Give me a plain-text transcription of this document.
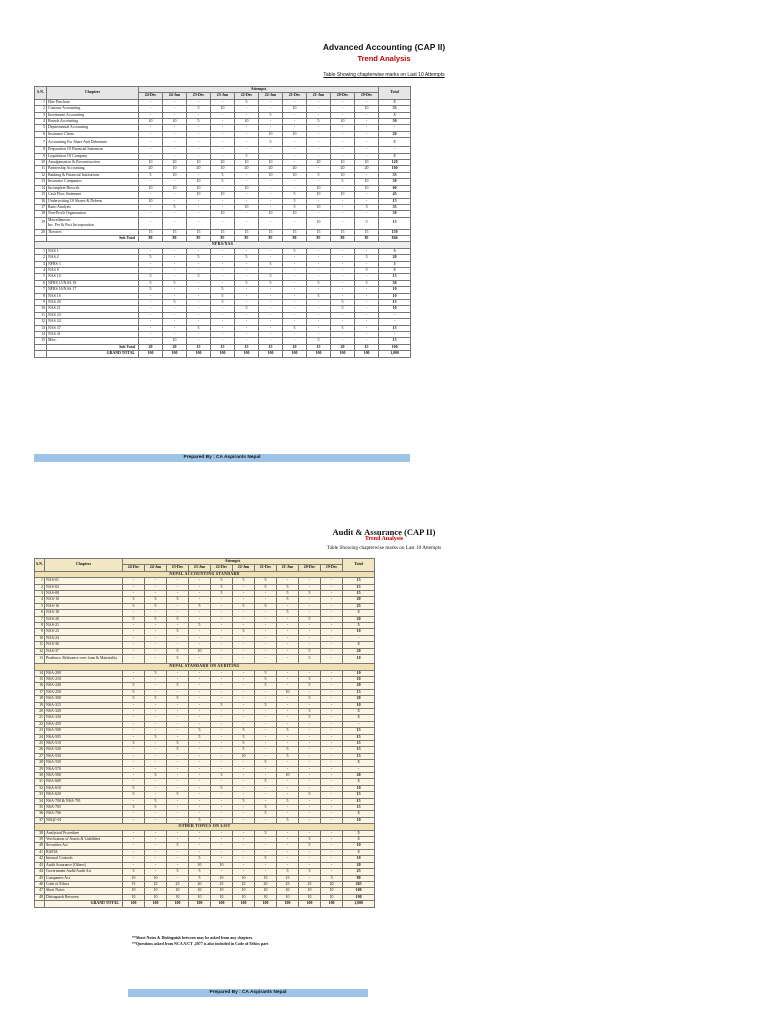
Advanced Accounting (CAP II)
Trend Analysis
Table Showing chapterwise marks on Last 10 Attempts
S.N.	Chapters	Attempts										Total
		24-Dec	24-Jun	23-Dec	23-Jun	22-Dec	22-Jun	21-Dec	21-Jun	20-Dec	19-Dec	
1	Hire Purchase	-	-	-	-	5	-	-	-	-	-	5
2	Contract Accounting	-	-	5	10	-	-	10	-	-	10	35
3	Investment Accounting	-	-	-	-	-	5	-	-	-	-	5
4	Branch Accounting	10	10	5	-	10	-	-	5	10	-	50
5	Departmental Accounting	-	-	-	-	-	-	-	-	-	-	-
6	Insurance Claim	-	-	-	-	-	10	10	-	-	-	20
7	Accounting For Share And Debenture	-	-	-	-	-	5	-	-	-	-	5
8	Preparation Of Financial Statement	-	-	-	-	-	-	-	-	-	-	-
9	Liquidation Of Company	-	-	-	-	5	-	-	-	-	-	5
10	Amalgamation & Reconstruction	10	20	10	20	10	10	-	20	10	10	120
11	Partnership Accounting	20	10	20	10	20	20	20	-	20	20	160
12	Banking & Financial Institutions	5	10	-	5	-	10	10	5	10	-	55
13	Insurance Companies	-	-	10	5	-	-	-	-	5	10	30
14	Incomplete Records	10	10	10	-	10	-	-	10	-	10	60
15	Cash Flow Statement	-	-	10	10	-	-	5	10	10	-	45
16	Underwriting Of Shares & Debens	10	-	-	-	-	-	5	-	-	-	15
17	Ratio Analysis	-	5	-	-	10	-	5	10	-	5	35
18	Non-Profit Organization	-	-	-	10	-	10	10	-	-	-	30
19	Miscellaneous
Inc. Pre & Post Incorporation	-	-	-	-	-	-	-	10	-	5	15
20	Theories	15	15	15	15	15	15	15	15	15	15	150
	Sub Total	80	80	85	85	85	85	90	85	80	85	840
NFRS/NAS												
1	NAS 1	-	-	-	-	-	-	5	-	-	-	5
2	NAS 2	5	-	5	-	5	-	-	-	-	5	20
3	NFRS 3	-	-	-	-	-	5	-	-	-	-	5
4	NAS 8	-	-	-	-	-	-	-	-	-	5	5
5	NAS 10	5	-	5	-	-	5	-	-	-	-	15
6	NFRS 15/NAS 18	5	5	-	-	5	5	-	5	-	5	30
7	NFRS 16/NAS 17	5	-	-	5	-	-	-	-	-	-	10
8	NAS 16	-	-	-	5	-	-	-	5	-	-	10
9	NAS 20	-	5	-	5	-	-	-	-	5	-	15
10	NAS 21	-	-	-	-	5	-	-	-	5	-	10
11	NAS 23	-	-	-	-	-	-	-	-	-	-	-
12	NAS 24	-	-	-	-	-	-	-	-	-	-	-
13	NAS 37	-	-	5	-	-	-	5	-	5	-	15
14	NAS 41	-	-	-	-	-	-	-	-	-	-	-
15	Misc.	-	10	-	-	-	-	-	5	-	-	15
	Sub Total	20	20	15	15	15	15	10	15	20	15	160
	GRAND TOTAL	100	100	100	100	100	100	100	100	100	100	1,000
Prepared By : CA Aspirants Nepal
Audit & Assurance (CAP II)
Trend Analysis
Table Showing chapterwise marks on Last 10 Attempts
S.N.	Chapters	Attempts										Total
		24-Dec	24-Jun	23-Dec	23-Jun	22-Dec	22-Jun	21-Dec	21-Jun	20-Dec	19-Dec	
NEPAL ACCOUNTING STANDARD												
1	NAS-01	-	-	-	-	5	5	5	-	-	-	15
2	NAS-02	-	-	-	-	5	-	5	5	-	-	15
3	NAS-08	-	-	-	-	5	-	-	5	5	-	15
4	NAS-10	5	5	5	-	-	-	-	5	-	-	20
5	NAS-16	5	5	-	5	-	5	5	-	-	-	25
6	NAS-18	-	-	-	-	-	-	-	5	-	-	5
7	NAS-20	5	5	5	-	-	-	-	-	5	-	20
8	NAS-21	-	-	-	5	-	-	-	-	-	-	5
9	NAS-23	-	-	5	-	-	5	-	-	-	-	10
10	NAS-24	-	-	-	-	-	-	-	-	-	-	-
11	NAS-36	-	-	-	-	-	-	-	-	-	-	5
12	NAS-37	-	-	5	10	-	-	-	-	5	-	20
13	Prudence, Relevance over form & Materiality	-	-	5	-	-	-	-	-	5	-	10
NEPAL STANDARD ON AUDITING												
14	NSA-200	-	5	-	-	-	-	5	-	-	-	10
15	NSA-210	-	-	-	-	-	-	5	-	5	-	10
16	NSA-240	5	-	5	-	-	-	5	-	5	-	20
17	NSA-250	5	-	-	-	-	-	-	10	-	-	15
18	NSA-300	5	5	5	-	-	-	-	-	5	-	20
19	NSA-315	-	-	-	-	5	-	5	-	-	-	10
20	NSA-320	-	-	-	-	-	-	-	-	5	-	5
21	NSA-330	-	-	-	-	-	-	-	-	5	-	5
22	NSA-450	-	-	-	-	-	-	-	-	-	-	-
23	NSA-500	-	-	-	5	-	5	-	5	-	-	15
24	NSA-505	-	5	-	5	-	5	-	-	-	-	15
25	NSA-510	5	-	5	-	-	5	-	-	-	-	15
26	NSA-520	-	-	5	-	-	5	-	5	-	-	15
27	NSA-530	-	-	-	-	-	10	-	5	-	-	15
28	NSA-550	-	-	-	-	-	-	5	-	-	-	5
29	NSA-570	-	-	-	-	-	-	-	-	-	-	-
30	NSA-580	-	5	-	-	5	-	-	10	-	-	20
31	NSA-600	-	-	-	-	-	-	5	-	-	-	5
32	NSA-610	5	-	-	-	5	-	-	-	-	-	10
33	NSA-620	5	-	5	-	-	-	-	-	5	-	15
34	NSA-700 & NSA-701	-	5	-	-	-	5	-	5	-	-	15
35	NSA-705	5	5	-	-	-	-	5	-	-	-	15
36	NSA-706	-	-	-	-	-	-	5	-	-	-	5
37	NSQC-01	-	-	-	5	-	-	-	5	-	-	10
OTHER TOPICS ON LIST												
38	Analytical Procedure	-	-	-	-	-	-	5	-	-	-	5
39	Verification of Assets & Liabilities	-	-	-	-	-	-	-	-	5	-	5
40	Securities Act	-	-	5	-	-	-	-	-	5	-	10
41	BAFIA	-	-	-	-	-	-	-	-	-	-	5
42	Internal Controls	-	-	-	5	-	-	5	-	-	-	10
43	Audit Assurance (Others)	-	-	-	10	10	-	-	-	-	-	20
44	Government Audit/Audit Act	5	-	5	5	-	-	-	5	5	-	25
45	Companies Act	10	10	-	5	10	10	15	15	-	5	80
46	Code of Ethics	15	25	25	20	25	25	20	25	25	20	205
47	Short Notes	10	10	10	10	10	10	10	10	10	10	100
48	Distinguish Between	10	10	10	10	10	10	10	10	10	10	100
	GRAND TOTAL	100	100	100	100	100	100	100	100	100	100	1,000
**Short Notes & Distinguish between may be asked from any chapters.
**Questions asked from NCA A/CT ,2077 is also included in Code of Ethics part
Prepared By : CA Aspirants Nepal
